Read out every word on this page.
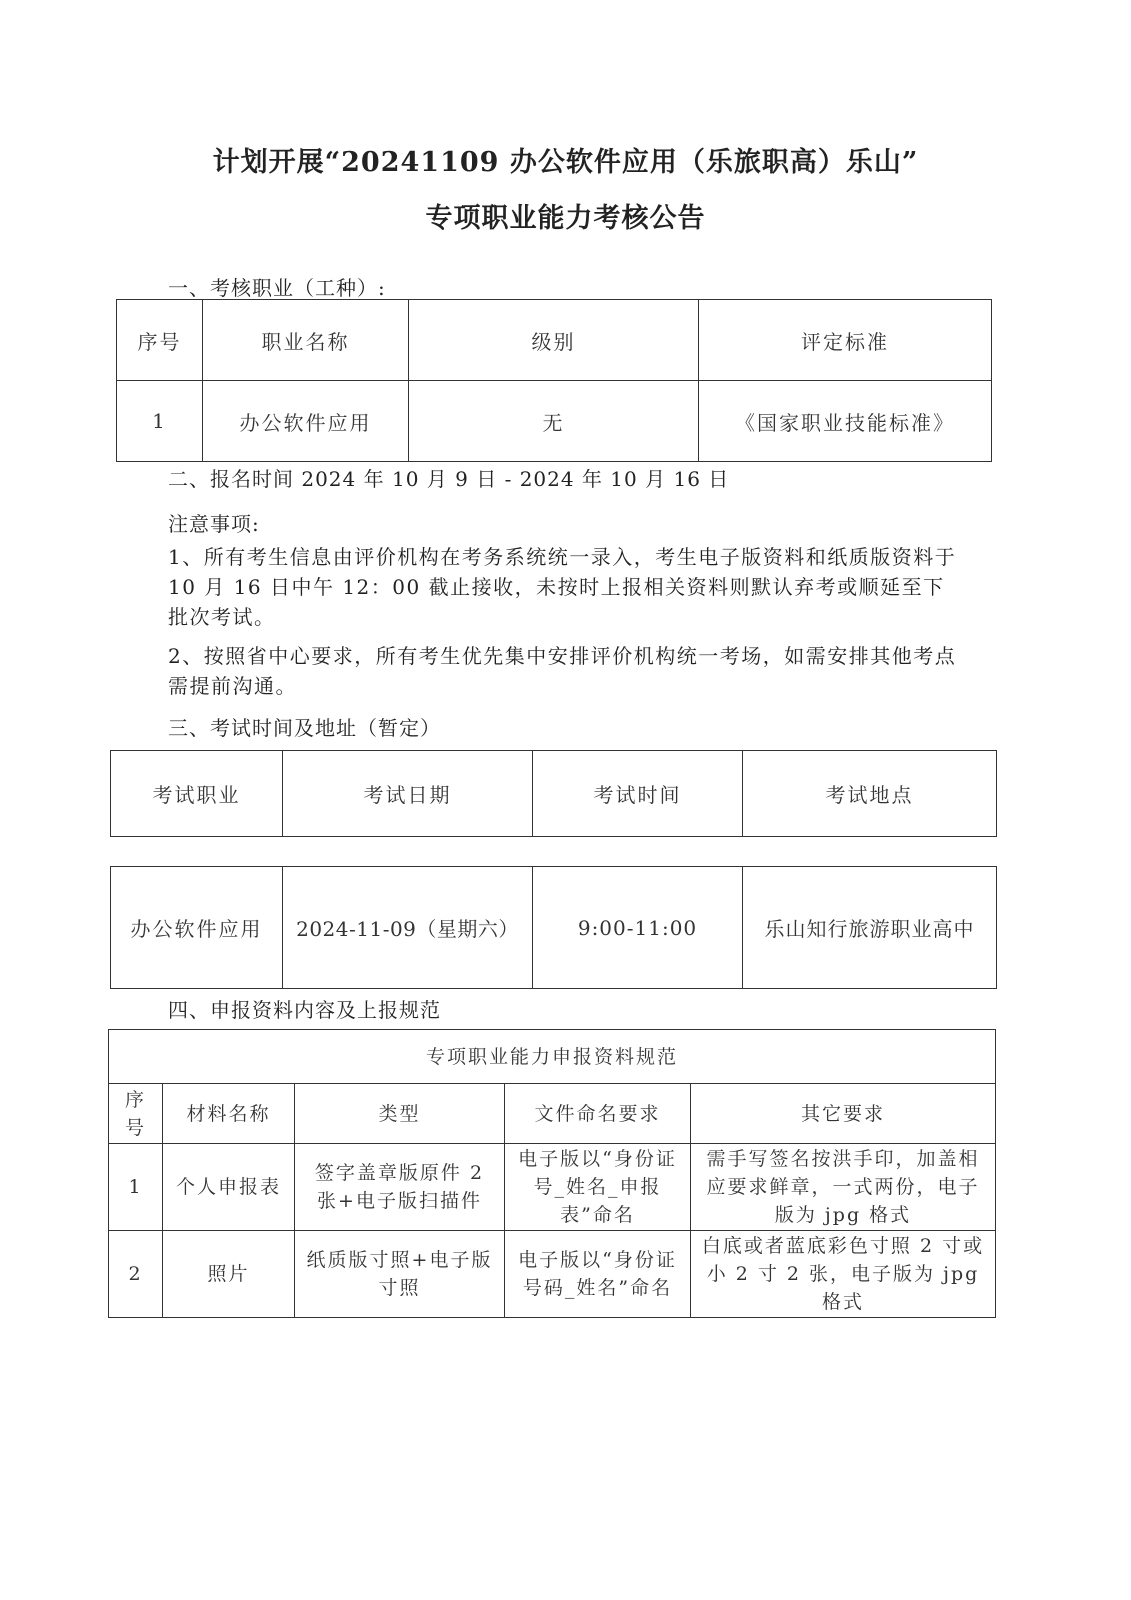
计划开展“20241109 办公软件应用（乐旅职高）乐山”
专项职业能力考核公告

一、考核职业（工种）:

序号	职业名称	级别	评定标准
1	办公软件应用	无	《国家职业技能标准》

二、报名时间 2024 年 10 月 9 日 - 2024 年 10 月 16 日

注意事项:

1、所有考生信息由评价机构在考务系统统一录入，考生电子版资料和纸质版资料于 10 月 16 日中午 12：00 截止接收，未按时上报相关资料则默认弃考或顺延至下批次考试。

2、按照省中心要求，所有考生优先集中安排评价机构统一考场，如需安排其他考点需提前沟通。

三、考试时间及地址（暂定）

考试职业	考试日期	考试时间	考试地点
办公软件应用	2024-11-09（星期六）	9:00-11:00	乐山知行旅游职业高中

四、申报资料内容及上报规范

专项职业能力申报资料规范				
序号	材料名称	类型	文件命名要求	其它要求
1	个人申报表	签字盖章版原件 2 张+电子版扫描件	电子版以“身份证号_姓名_申报表”命名	需手写签名按洪手印，加盖相应要求鲜章，一式两份，电子版为 jpg 格式
2	照片	纸质版寸照+电子版寸照	电子版以“身份证号码_姓名”命名	白底或者蓝底彩色寸照 2 寸或小 2 寸 2 张，电子版为 jpg 格式
